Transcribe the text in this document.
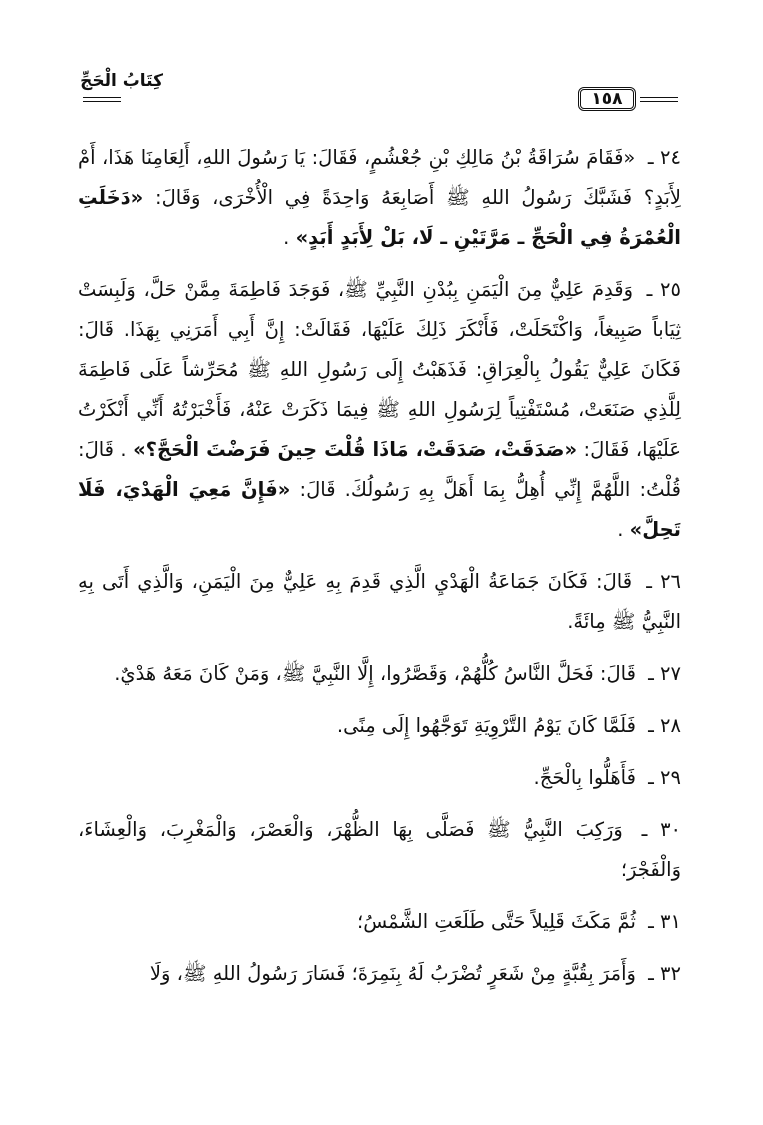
كِتَابُ الْحَجِّ
١٥٨

٢٤ ـ «فَقَامَ سُرَاقَةُ بْنُ مَالِكِ بْنِ جُعْشُمٍ، فَقَالَ: يَا رَسُولَ اللهِ، أَلِعَامِنَا هَذَا، أَمْ لِأَبَدٍ؟ فَشَبَّكَ رَسُولُ اللهِ ﷺ أَصَابِعَهُ وَاحِدَةً فِي الْأُخْرَى، وَقَالَ: «دَخَلَتِ الْعُمْرَةُ فِي الْحَجِّ ـ مَرَّتَيْنِ ـ لَا، بَلْ لِأَبَدٍ أَبَدٍ» .

٢٥ ـ وَقَدِمَ عَلِيٌّ مِنَ الْيَمَنِ بِبُدْنِ النَّبِيِّ ﷺ، فَوَجَدَ فَاطِمَةَ مِمَّنْ حَلَّ، وَلَبِسَتْ ثِيَاباً صَبِيغاً، وَاكْتَحَلَتْ، فَأَنْكَرَ ذَلِكَ عَلَيْهَا، فَقَالَتْ: إِنَّ أَبِي أَمَرَنِي بِهَذَا. قَالَ: فَكَانَ عَلِيٌّ يَقُولُ بِالْعِرَاقِ: فَذَهَبْتُ إِلَى رَسُولِ اللهِ ﷺ مُحَرِّشاً عَلَى فَاطِمَةَ لِلَّذِي صَنَعَتْ، مُسْتَفْتِياً لِرَسُولِ اللهِ ﷺ فِيمَا ذَكَرَتْ عَنْهُ، فَأَخْبَرْتُهُ أَنِّي أَنْكَرْتُ عَلَيْهَا، فَقَالَ: «صَدَقَتْ، صَدَقَتْ، مَاذَا قُلْتَ حِينَ فَرَضْتَ الْحَجَّ؟» . قَالَ: قُلْتُ: اللَّهُمَّ إِنِّي أُهِلُّ بِمَا أَهَلَّ بِهِ رَسُولُكَ. قَالَ: «فَإِنَّ مَعِيَ الْهَدْيَ، فَلَا تَحِلَّ» .

٢٦ ـ قَالَ: فَكَانَ جَمَاعَةُ الْهَدْيِ الَّذِي قَدِمَ بِهِ عَلِيٌّ مِنَ الْيَمَنِ، وَالَّذِي أَتَى بِهِ النَّبِيُّ ﷺ مِائَةً.

٢٧ ـ قَالَ: فَحَلَّ النَّاسُ كُلُّهُمْ، وَقَصَّرُوا، إِلَّا النَّبِيَّ ﷺ، وَمَنْ كَانَ مَعَهُ هَدْيٌ.

٢٨ ـ فَلَمَّا كَانَ يَوْمُ التَّرْوِيَةِ تَوَجَّهُوا إِلَى مِنًى.

٢٩ ـ فَأَهَلُّوا بِالْحَجِّ.

٣٠ ـ وَرَكِبَ النَّبِيُّ ﷺ فَصَلَّى بِهَا الظُّهْرَ، وَالْعَصْرَ، وَالْمَغْرِبَ، وَالْعِشَاءَ، وَالْفَجْرَ؛

٣١ ـ ثُمَّ مَكَثَ قَلِيلاً حَتَّى طَلَعَتِ الشَّمْسُ؛

٣٢ ـ وَأَمَرَ بِقُبَّةٍ مِنْ شَعَرٍ تُضْرَبُ لَهُ بِنَمِرَةَ؛ فَسَارَ رَسُولُ اللهِ ﷺ، وَلَا
